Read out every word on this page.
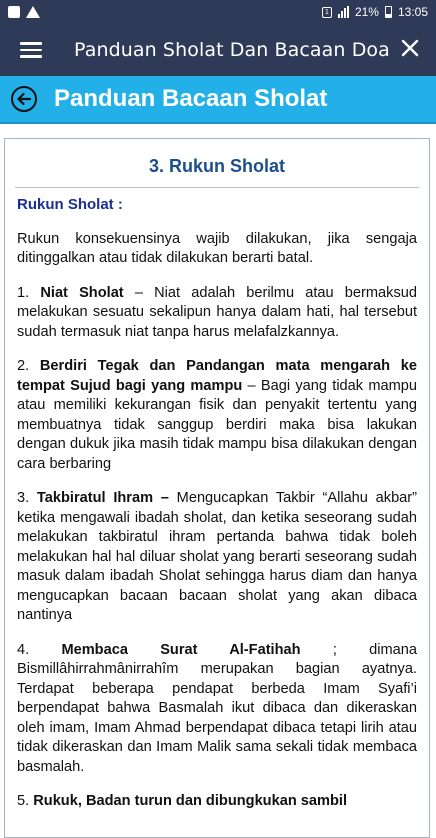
1 21% 13:05
Panduan Sholat Dan Bacaan Doa
Panduan Bacaan Sholat
3. Rukun Sholat
Rukun Sholat :
Rukun konsekuensinya wajib dilakukan, jika sengaja ditinggalkan atau tidak dilakukan berarti batal.
1. Niat Sholat – Niat adalah berilmu atau bermaksud melakukan sesuatu sekalipun hanya dalam hati, hal tersebut sudah termasuk niat tanpa harus melafalzkannya.
2. Berdiri Tegak dan Pandangan mata mengarah ke tempat Sujud bagi yang mampu – Bagi yang tidak mampu atau memiliki kekurangan fisik dan penyakit tertentu yang membuatnya tidak sanggup berdiri maka bisa lakukan dengan dukuk jika masih tidak mampu bisa dilakukan dengan cara berbaring
3. Takbiratul Ihram – Mengucapkan Takbir “Allahu akbar” ketika mengawali ibadah sholat, dan ketika seseorang sudah melakukan takbiratul ihram pertanda bahwa tidak boleh melakukan hal hal diluar sholat yang berarti seseorang sudah masuk dalam ibadah Sholat sehingga harus diam dan hanya mengucapkan bacaan bacaan sholat yang akan dibaca nantinya
4. Membaca Surat Al-Fatihah ; dimana Bismillâhirrahmânirrahîm merupakan bagian ayatnya. Terdapat beberapa pendapat berbeda Imam Syafi’i berpendapat bahwa Basmalah ikut dibaca dan dikeraskan oleh imam, Imam Ahmad berpendapat dibaca tetapi lirih atau tidak dikeraskan dan Imam Malik sama sekali tidak membaca basmalah.
5. Rukuk, Badan turun dan dibungkukan sambil
